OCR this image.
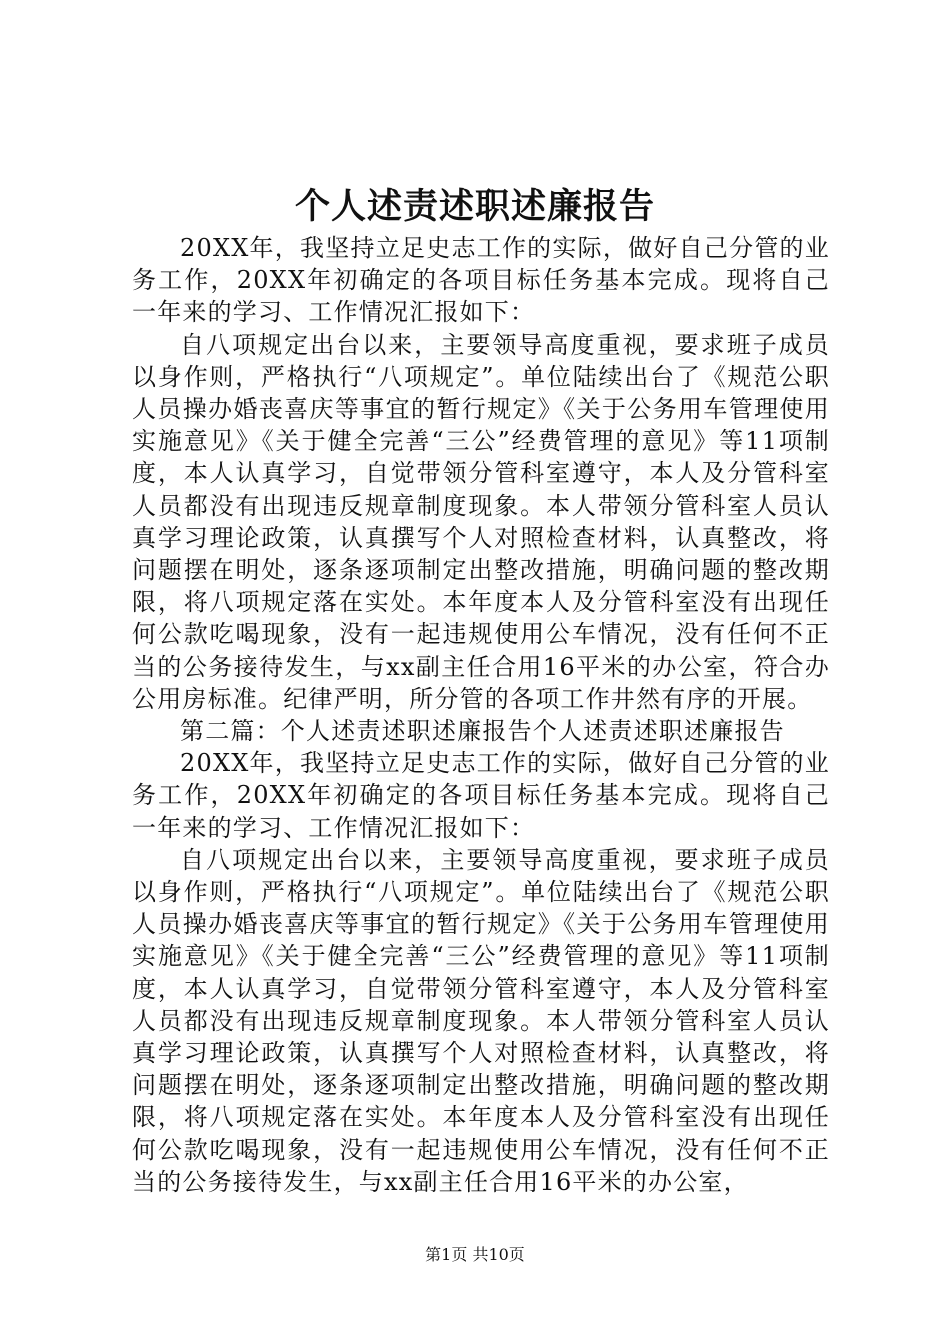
个人述责述职述廉报告

20XX年，我坚持立足史志工作的实际，做好自己分管的业务工作，20XX年初确定的各项目标任务基本完成。现将自己一年来的学习、工作情况汇报如下：

自八项规定出台以来，主要领导高度重视，要求班子成员以身作则，严格执行“八项规定”。单位陆续出台了《规范公职人员操办婚丧喜庆等事宜的暂行规定》《关于公务用车管理使用实施意见》《关于健全完善“三公”经费管理的意见》等11项制度，本人认真学习，自觉带领分管科室遵守，本人及分管科室人员都没有出现违反规章制度现象。本人带领分管科室人员认真学习理论政策，认真撰写个人对照检查材料，认真整改，将问题摆在明处，逐条逐项制定出整改措施，明确问题的整改期限，将八项规定落在实处。本年度本人及分管科室没有出现任何公款吃喝现象，没有一起违规使用公车情况，没有任何不正当的公务接待发生，与xx副主任合用16平米的办公室，符合办公用房标准。纪律严明，所分管的各项工作井然有序的开展。

第二篇：个人述责述职述廉报告个人述责述职述廉报告

20XX年，我坚持立足史志工作的实际，做好自己分管的业务工作，20XX年初确定的各项目标任务基本完成。现将自己一年来的学习、工作情况汇报如下：

自八项规定出台以来，主要领导高度重视，要求班子成员以身作则，严格执行“八项规定”。单位陆续出台了《规范公职人员操办婚丧喜庆等事宜的暂行规定》《关于公务用车管理使用实施意见》《关于健全完善“三公”经费管理的意见》等11项制度，本人认真学习，自觉带领分管科室遵守，本人及分管科室人员都没有出现违反规章制度现象。本人带领分管科室人员认真学习理论政策，认真撰写个人对照检查材料，认真整改，将问题摆在明处，逐条逐项制定出整改措施，明确问题的整改期限，将八项规定落在实处。本年度本人及分管科室没有出现任何公款吃喝现象，没有一起违规使用公车情况，没有任何不正当的公务接待发生，与xx副主任合用16平米的办公室，

第1页 共10页
